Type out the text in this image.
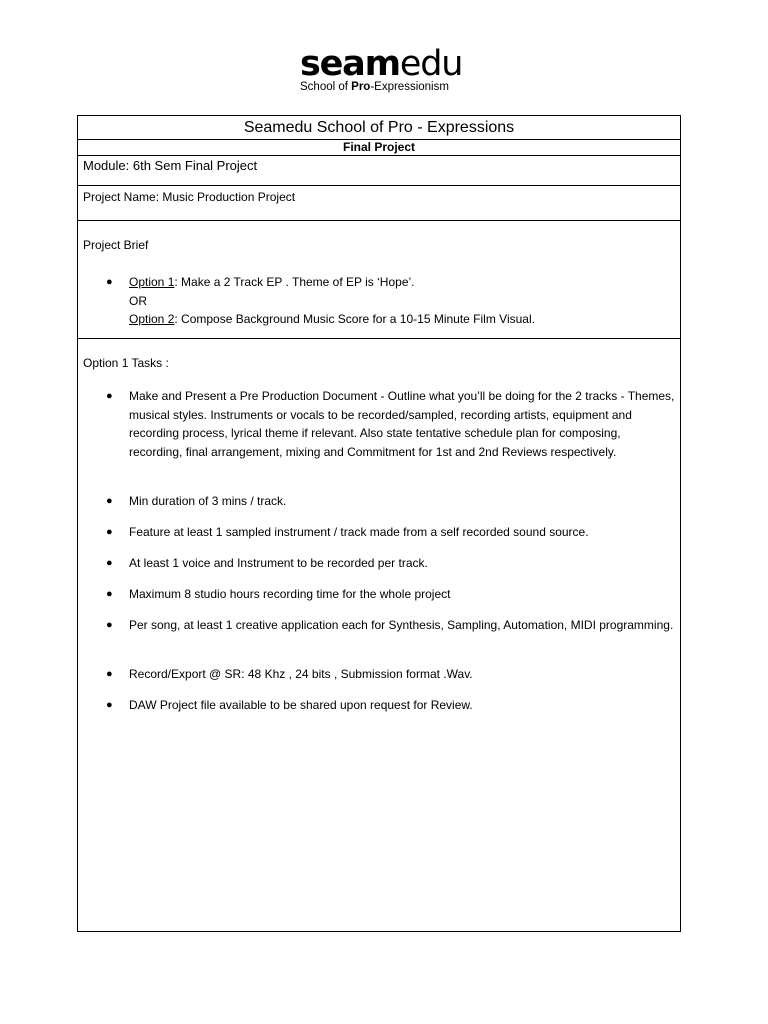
seamedu
School of Pro-Expressionism
Seamedu School of Pro - Expressions
Final Project
Module: 6th Sem Final Project
Project Name: Music Production Project
Project Brief
● Option 1: Make a 2 Track EP . Theme of EP is ‘Hope’.
OR
Option 2: Compose Background Music Score for a 10-15 Minute Film Visual.
Option 1 Tasks :
● Make and Present a Pre Production Document - Outline what you’ll be doing for the 2 tracks - Themes, musical styles. Instruments or vocals to be recorded/sampled, recording artists, equipment and recording process, lyrical theme if relevant. Also state tentative schedule plan for composing, recording, final arrangement, mixing and Commitment for 1st and 2nd Reviews respectively.
● Min duration of 3 mins / track.
● Feature at least 1 sampled instrument / track made from a self recorded sound source.
● At least 1 voice and Instrument to be recorded per track.
● Maximum 8 studio hours recording time for the whole project
● Per song, at least 1 creative application each for Synthesis, Sampling, Automation, MIDI programming.
● Record/Export @ SR: 48 Khz , 24 bits , Submission format .Wav.
● DAW Project file available to be shared upon request for Review.
